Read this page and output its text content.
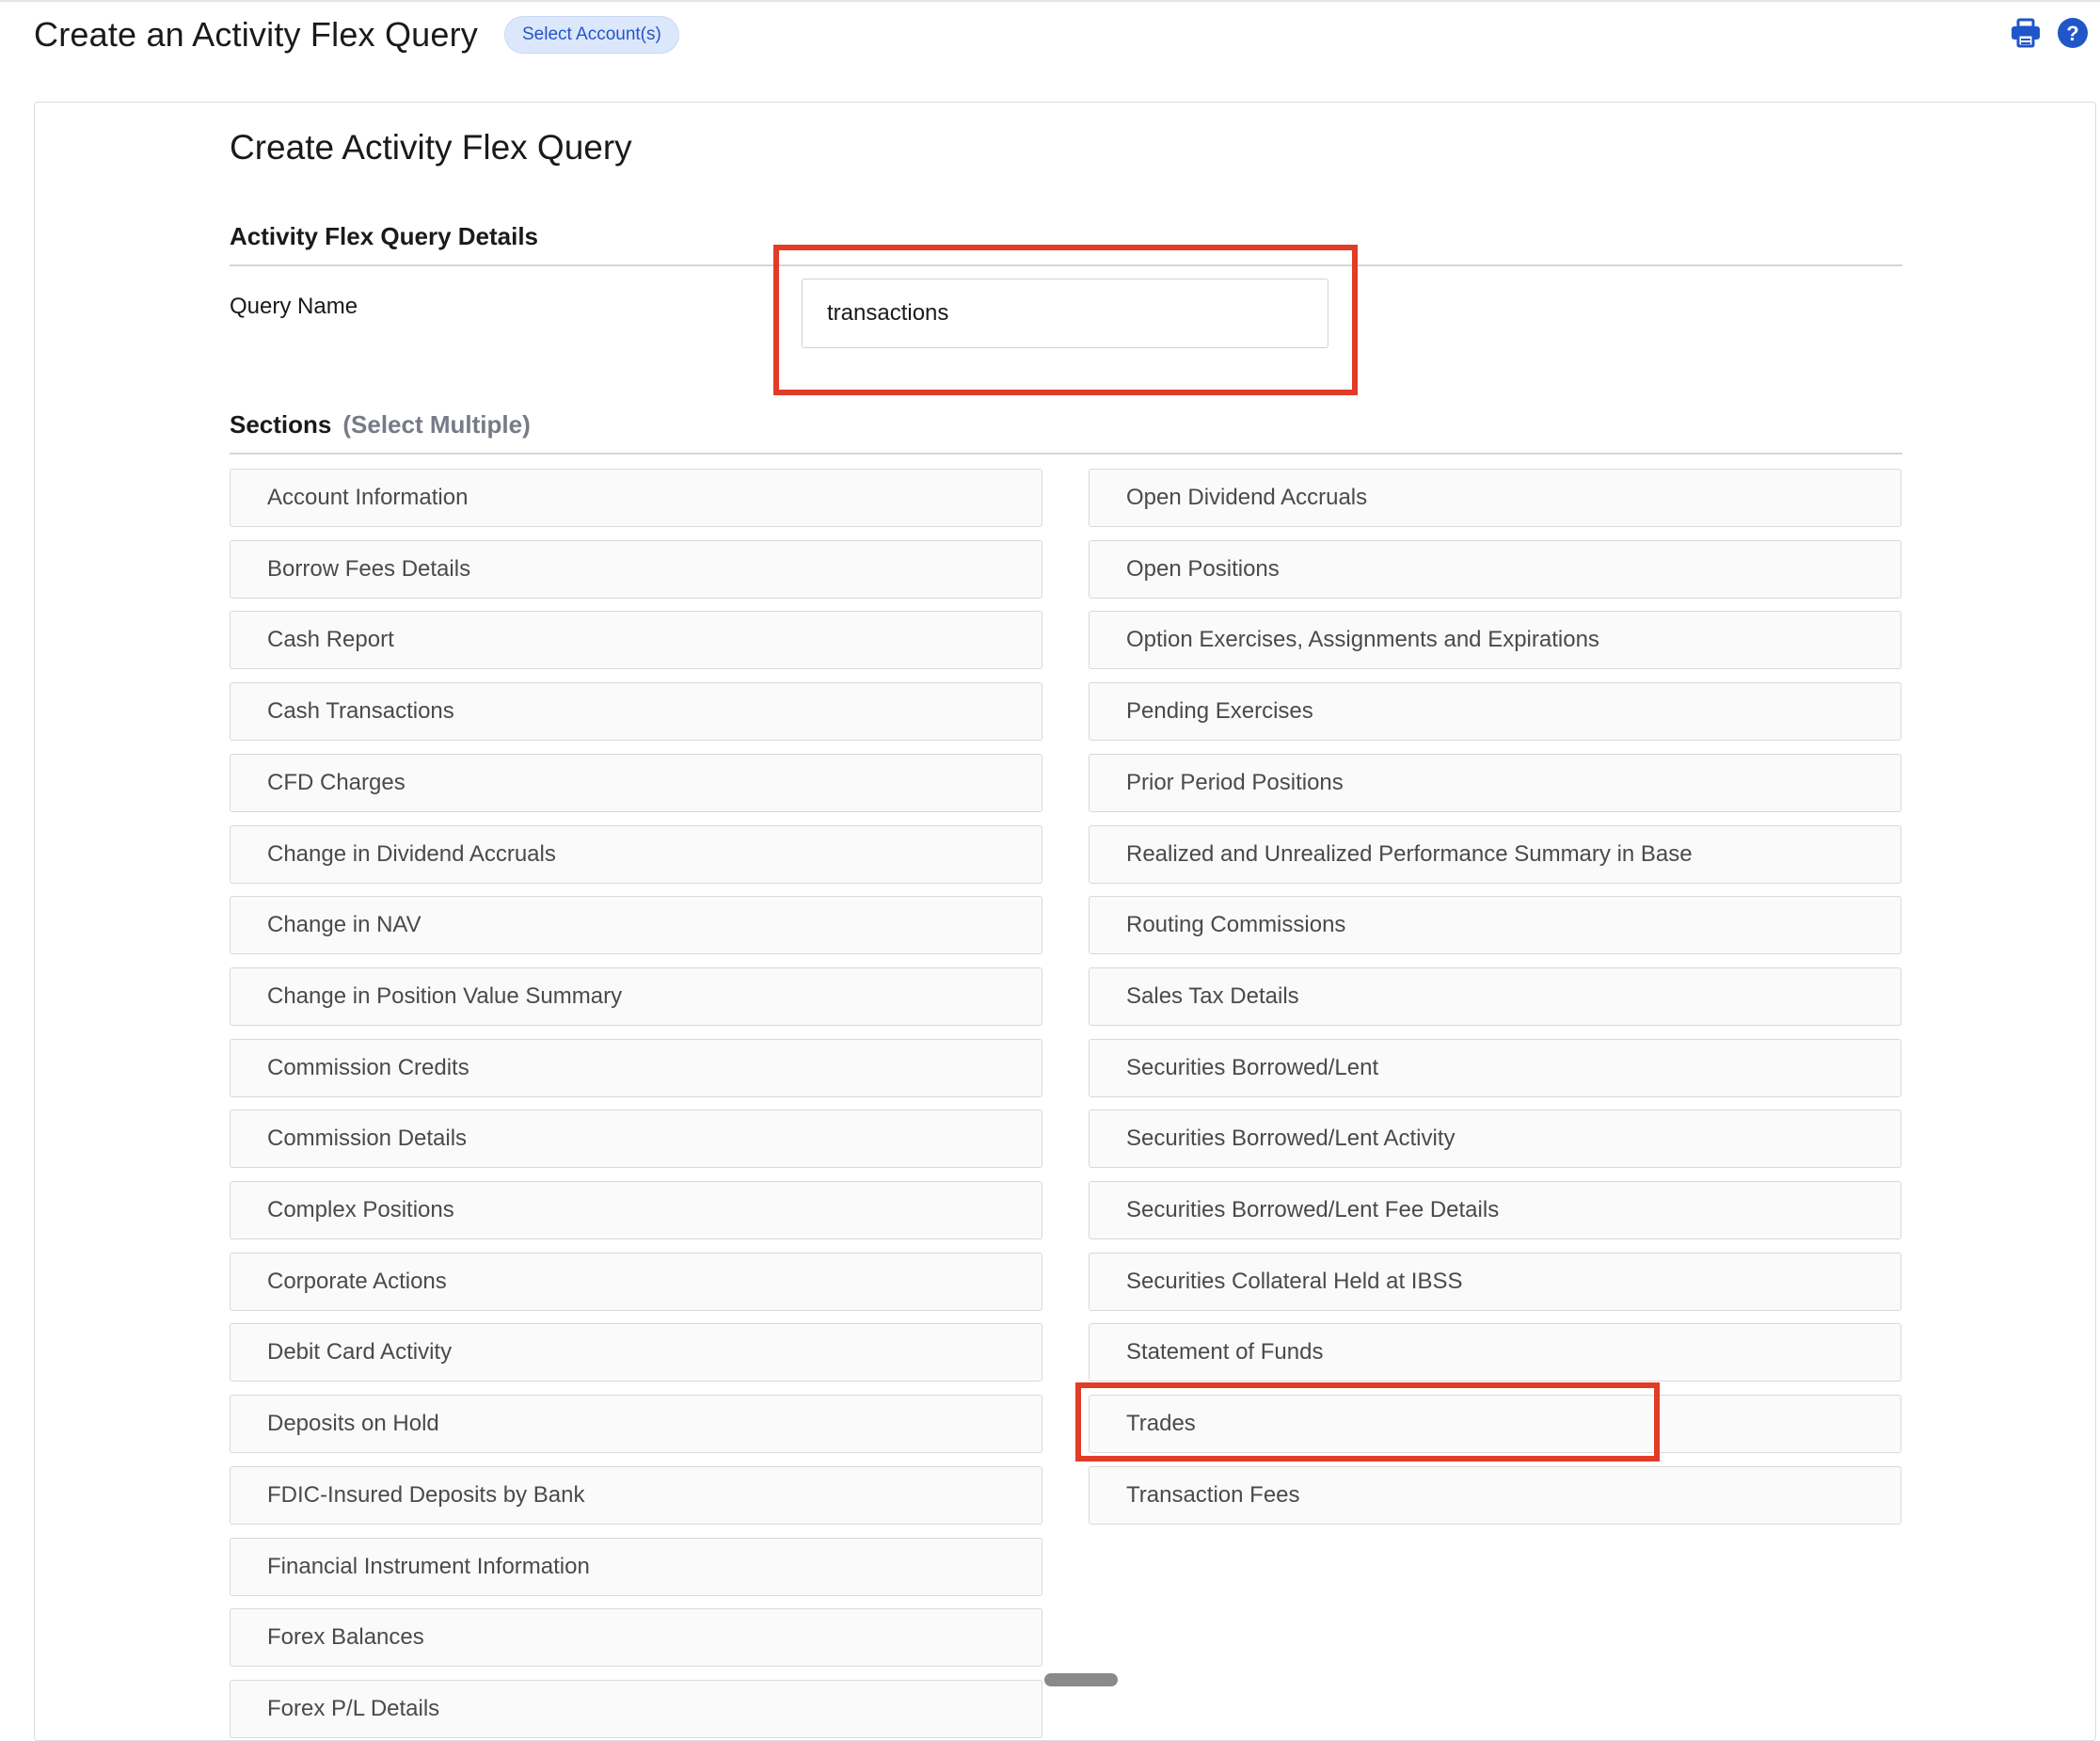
Create an Activity Flex Query	Select Account(s)	?
Create Activity Flex Query
Activity Flex Query Details
Query Name
transactions
Sections (Select Multiple)
Account Information
Borrow Fees Details
Cash Report
Cash Transactions
CFD Charges
Change in Dividend Accruals
Change in NAV
Change in Position Value Summary
Commission Credits
Commission Details
Complex Positions
Corporate Actions
Debit Card Activity
Deposits on Hold
FDIC-Insured Deposits by Bank
Financial Instrument Information
Forex Balances
Forex P/L Details
Open Dividend Accruals
Open Positions
Option Exercises, Assignments and Expirations
Pending Exercises
Prior Period Positions
Realized and Unrealized Performance Summary in Base
Routing Commissions
Sales Tax Details
Securities Borrowed/Lent
Securities Borrowed/Lent Activity
Securities Borrowed/Lent Fee Details
Securities Collateral Held at IBSS
Statement of Funds
Trades
Transaction Fees
